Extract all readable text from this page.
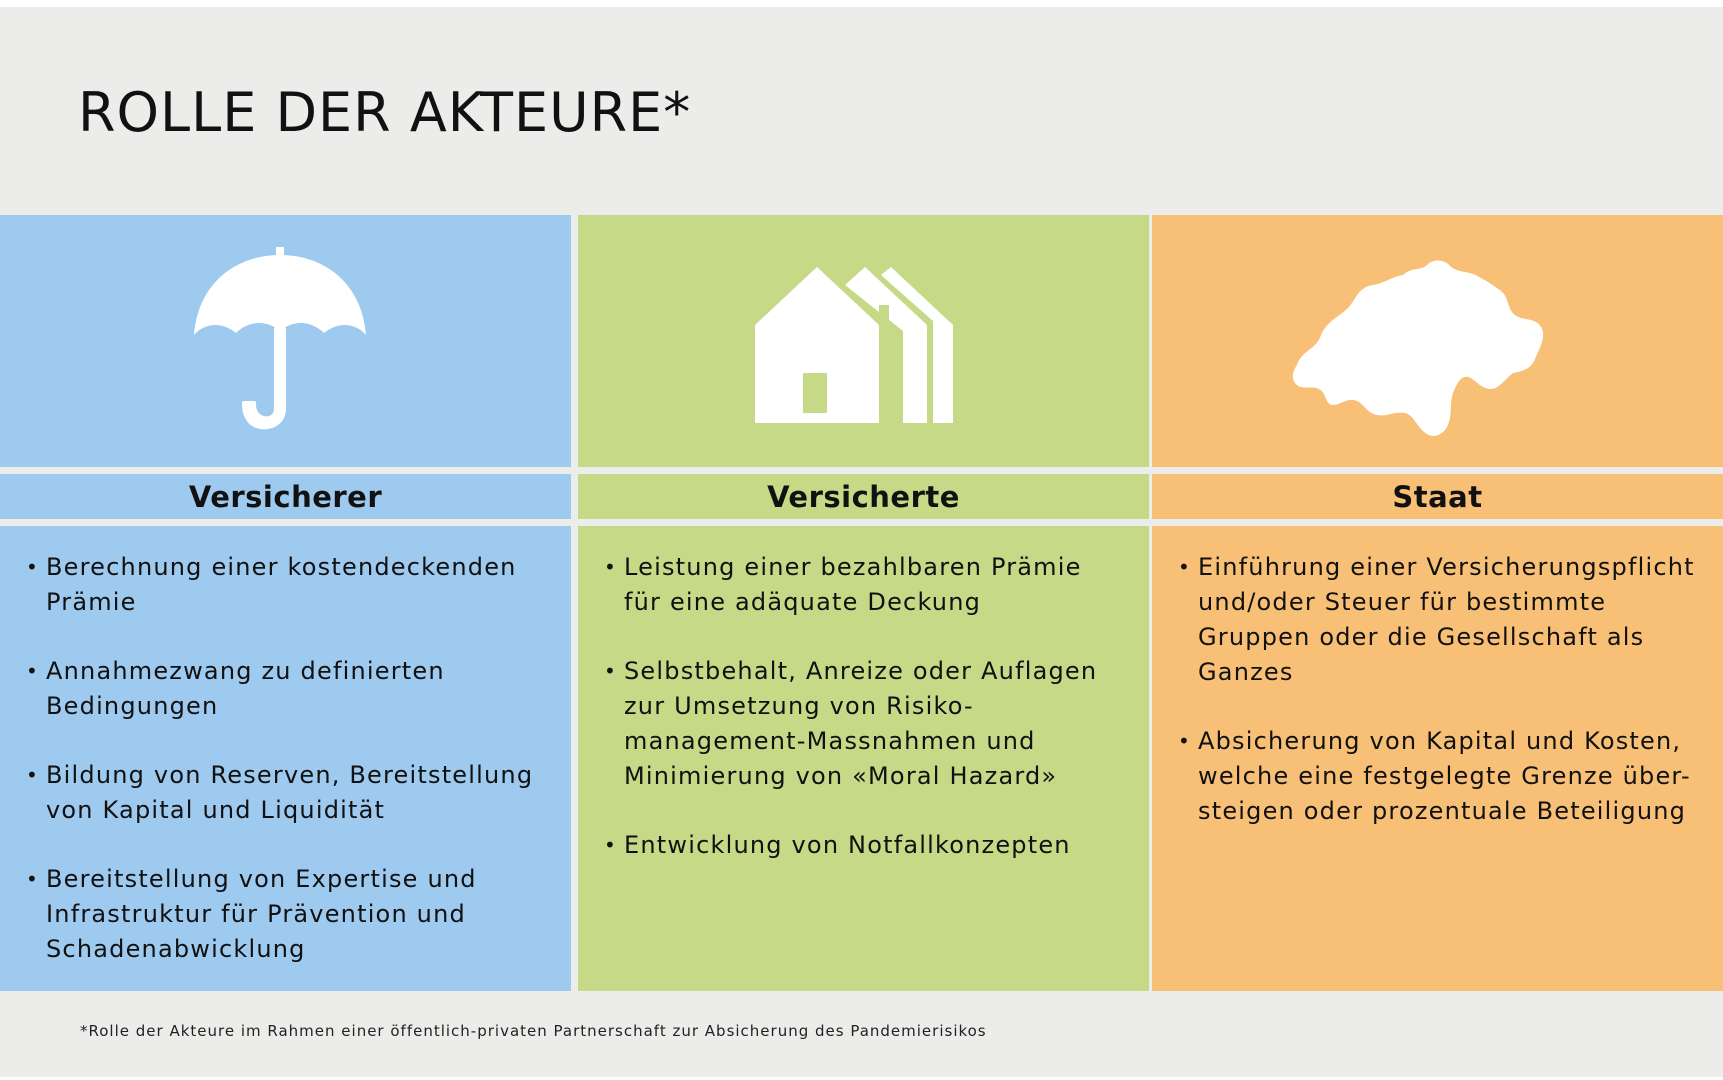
ROLLE DER AKTEURE*
Versicherer
• Berechnung einer kostendeckenden
Prämie
• Annahmezwang zu definierten
Bedingungen
• Bildung von Reserven, Bereitstellung
von Kapital und Liquidität
• Bereitstellung von Expertise und
Infrastruktur für Prävention und
Schadenabwicklung
Versicherte
• Leistung einer bezahlbaren Prämie
für eine adäquate Deckung
• Selbstbehalt, Anreize oder Auflagen
zur Umsetzung von Risiko-
management-Massnahmen und
Minimierung von «Moral Hazard»
• Entwicklung von Notfallkonzepten
Staat
• Einführung einer Versicherungspflicht
und/oder Steuer für bestimmte
Gruppen oder die Gesellschaft als
Ganzes
• Absicherung von Kapital und Kosten,
welche eine festgelegte Grenze über-
steigen oder prozentuale Beteiligung
*Rolle der Akteure im Rahmen einer öffentlich-privaten Partnerschaft zur Absicherung des Pandemierisikos
